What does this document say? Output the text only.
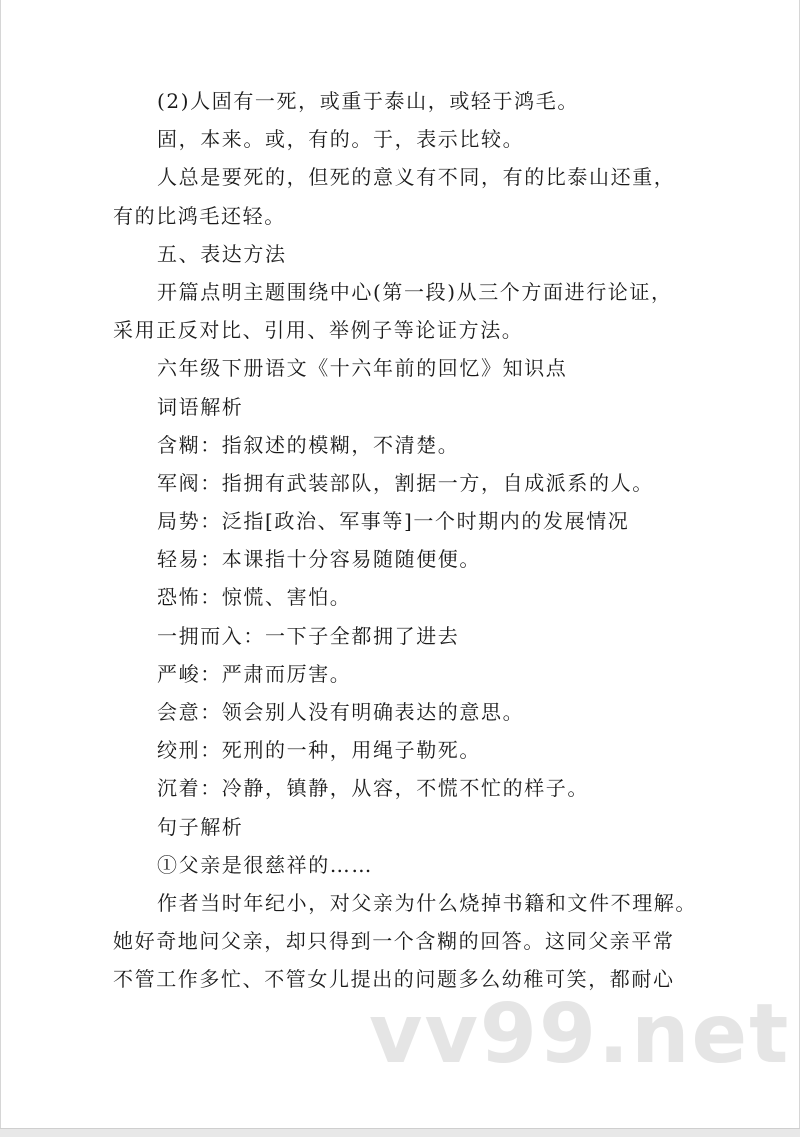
(2)人固有一死，或重于泰山，或轻于鸿毛。
固，本来。或，有的。于，表示比较。
人总是要死的，但死的意义有不同，有的比泰山还重，
有的比鸿毛还轻。
五、表达方法
开篇点明主题围绕中心(第一段)从三个方面进行论证，
采用正反对比、引用、举例子等论证方法。
六年级下册语文《十六年前的回忆》知识点
词语解析
含糊：指叙述的模糊，不清楚。
军阀：指拥有武装部队，割据一方，自成派系的人。
局势：泛指[政治、军事等]一个时期内的发展情况
轻易：本课指十分容易随随便便。
恐怖：惊慌、害怕。
一拥而入：一下子全都拥了进去
严峻：严肃而厉害。
会意：领会别人没有明确表达的意思。
绞刑：死刑的一种，用绳子勒死。
沉着：冷静，镇静，从容，不慌不忙的样子。
句子解析
①父亲是很慈祥的……
作者当时年纪小，对父亲为什么烧掉书籍和文件不理解。
她好奇地问父亲，却只得到一个含糊的回答。这同父亲平常
不管工作多忙、不管女儿提出的问题多么幼稚可笑，都耐心
vv99.net
